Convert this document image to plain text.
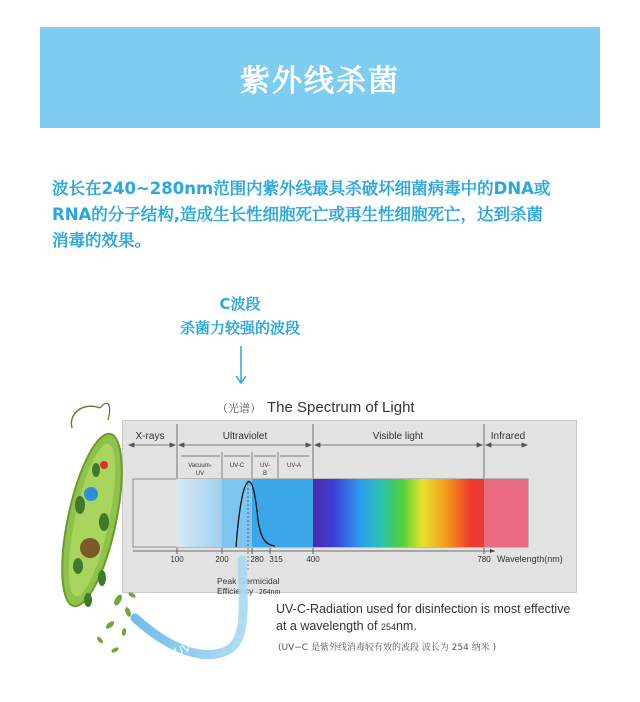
紫外线杀菌
波长在240~280nm范围内紫外线最具杀破坏细菌病毒中的DNA或
RNA的分子结构,造成生长性细胞死亡或再生性细胞死亡，达到杀菌
消毒的效果。
C波段
杀菌力较强的波段
（光谱） The Spectrum of Light
X-rays	Ultraviolet	Visible light	Infrared
Vacuum-
UV
UV-C	UV-
B
UV-A
100	200	280 315	400	780 Wavelength(nm)
Peak Germicidal
Efficiency 264nm
UV-C Light
UV-C-Radiation used for disinfection is most effective
at a wavelength of 254nm.
(UV−C 是紫外线消毒较有效的波段 波长为 254 纳米 )
